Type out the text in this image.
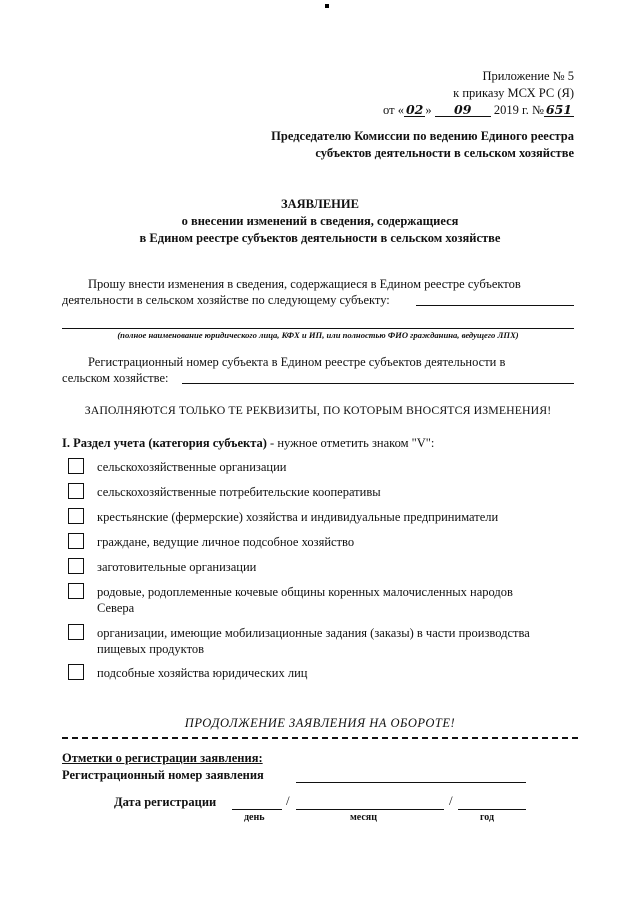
Приложение № 5
к приказу МСХ РС (Я)
от « 02 » 09 2019 г. № 651
Председателю Комиссии по ведению Единого реестра
субъектов деятельности в сельском хозяйстве
ЗАЯВЛЕНИЕ
о внесении изменений в сведения, содержащиеся
в Едином реестре субъектов деятельности в сельском хозяйстве
Прошу внести изменения в сведения, содержащиеся в Едином реестре субъектов
деятельности в сельском хозяйстве по следующему субъекту:
(полное наименование юридического лица, КФХ и ИП, или полностью ФИО гражданина, ведущего ЛПХ)
Регистрационный номер субъекта в Едином реестре субъектов деятельности в
сельском хозяйстве:
ЗАПОЛНЯЮТСЯ ТОЛЬКО ТЕ РЕКВИЗИТЫ, ПО КОТОРЫМ ВНОСЯТСЯ ИЗМЕНЕНИЯ!
I. Раздел учета (категория субъекта) - нужное отметить знаком "V":
сельскохозяйственные организации
сельскохозяйственные потребительские кооперативы
крестьянские (фермерские) хозяйства и индивидуальные предприниматели
граждане, ведущие личное подсобное хозяйство
заготовительные организации
родовые, родоплеменные кочевые общины коренных малочисленных народов Севера
организации, имеющие мобилизационные задания (заказы) в части производства пищевых продуктов
подсобные хозяйства юридических лиц
ПРОДОЛЖЕНИЕ ЗАЯВЛЕНИЯ НА ОБОРОТЕ!
Отметки о регистрации заявления:
Регистрационный номер заявления
Дата регистрации	/	/
день	месяц	год
